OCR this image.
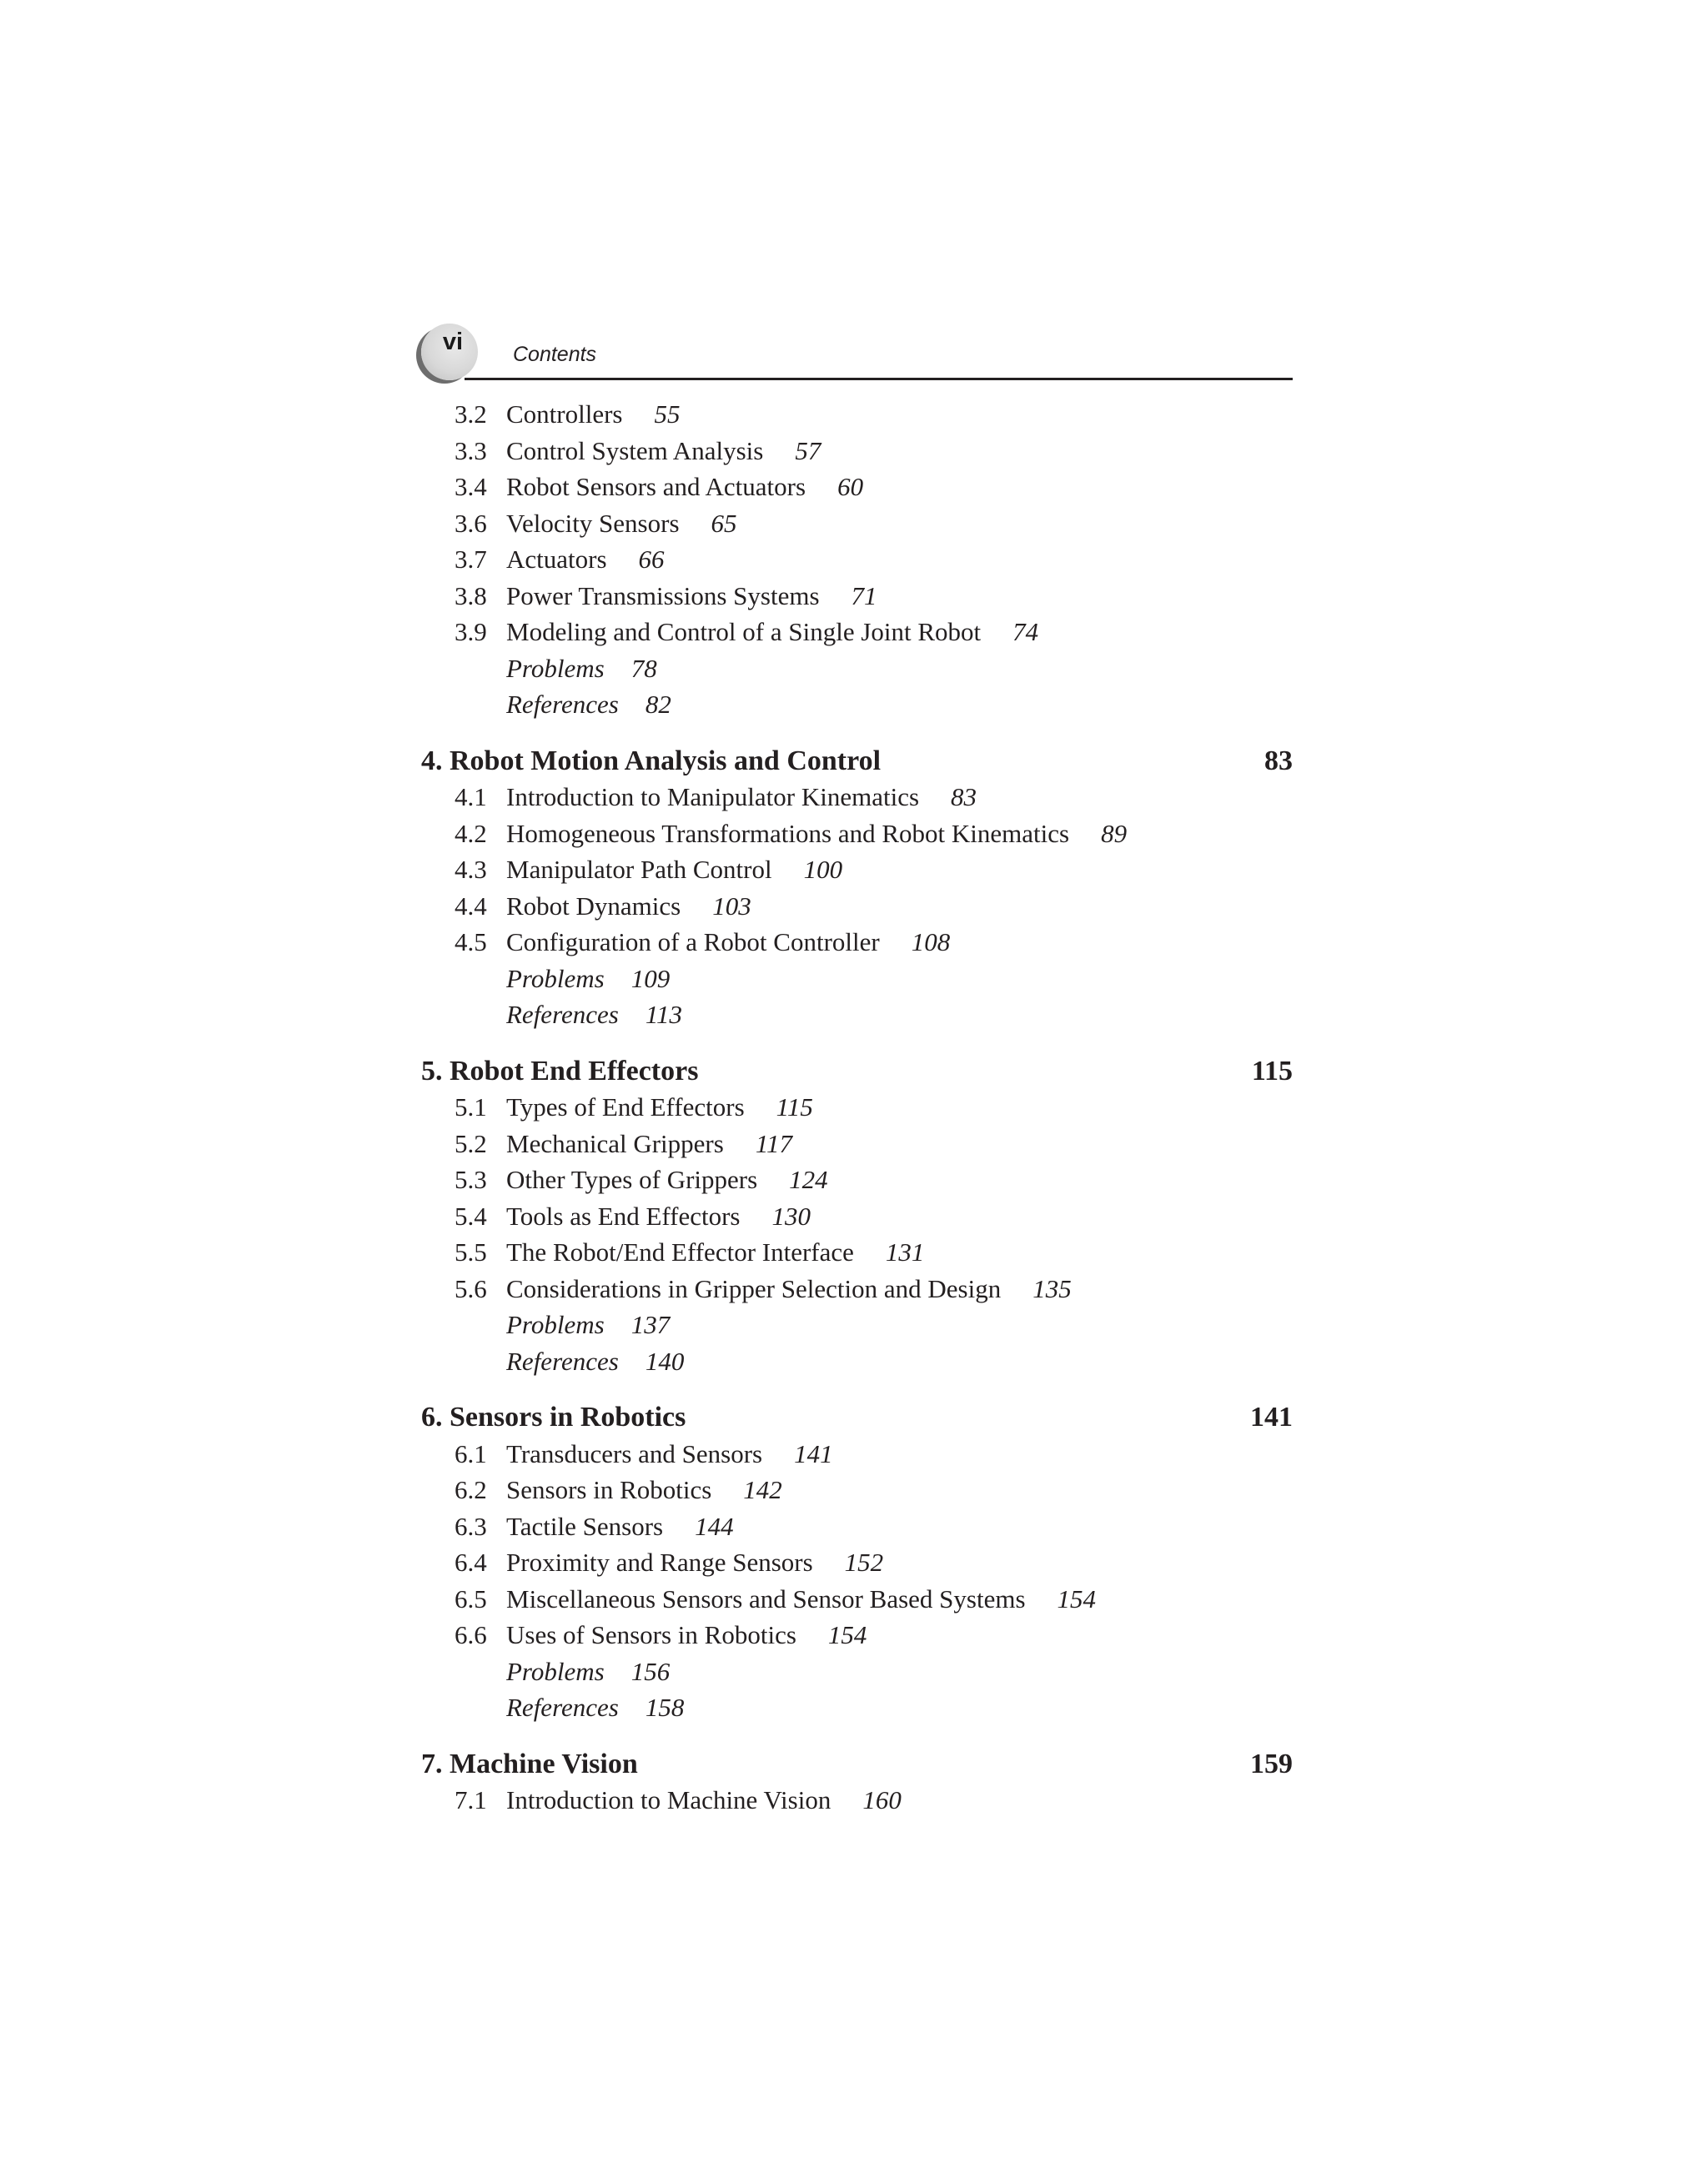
vi	Contents
3.2 Controllers 55
3.3 Control System Analysis 57
3.4 Robot Sensors and Actuators 60
3.6 Velocity Sensors 65
3.7 Actuators 66
3.8 Power Transmissions Systems 71
3.9 Modeling and Control of a Single Joint Robot 74
Problems 78
References 82
4. Robot Motion Analysis and Control	83
4.1 Introduction to Manipulator Kinematics 83
4.2 Homogeneous Transformations and Robot Kinematics 89
4.3 Manipulator Path Control 100
4.4 Robot Dynamics 103
4.5 Configuration of a Robot Controller 108
Problems 109
References 113
5. Robot End Effectors	115
5.1 Types of End Effectors 115
5.2 Mechanical Grippers 117
5.3 Other Types of Grippers 124
5.4 Tools as End Effectors 130
5.5 The Robot/End Effector Interface 131
5.6 Considerations in Gripper Selection and Design 135
Problems 137
References 140
6. Sensors in Robotics	141
6.1 Transducers and Sensors 141
6.2 Sensors in Robotics 142
6.3 Tactile Sensors 144
6.4 Proximity and Range Sensors 152
6.5 Miscellaneous Sensors and Sensor Based Systems 154
6.6 Uses of Sensors in Robotics 154
Problems 156
References 158
7. Machine Vision	159
7.1 Introduction to Machine Vision 160
